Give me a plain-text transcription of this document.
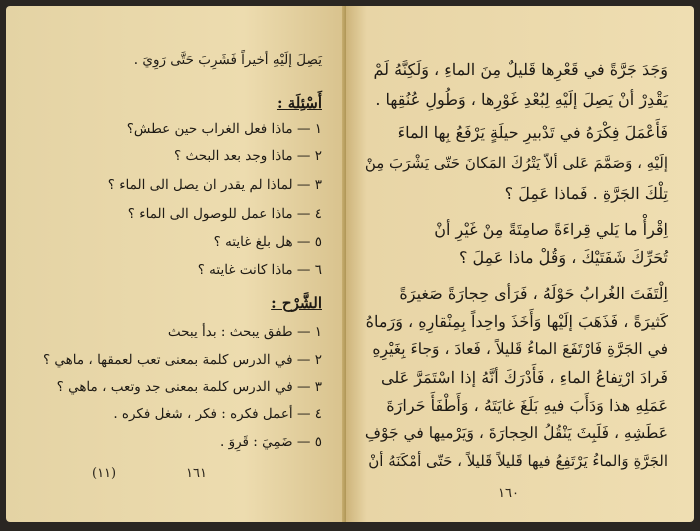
يَصِلَ إلَيْهِ أخيراً فَشَرِبَ حَتَّى رَوِيَ .
أَسْئِلَة :
١ — ماذا فعل الغراب حين عطش؟
٢ — ماذا وجد بعد البحث ؟
٣ — لماذا لم يقدر ان يصل الى الماء ؟
٤ — ماذا عمل للوصول الى الماء ؟
٥ — هل بلغ غايته ؟
٦ — ماذا كانت غايته ؟
الشَّرْح :
١ — طفق يبحث : بدأ يبحث
٢ — في الدرس كلمة بمعنى تعب لعمقها ، ماهي ؟
٣ — في الدرس كلمة بمعنى جد وتعب ، ماهي ؟
٤ — أعمل فكره : فكر ، شغل فكره .
٥ — ضَمِيَ : قَرِوَ .
(١١)	١٦١
وَجَدَ جَرَّةً في قَعْرِها قَليلٌ مِنَ الماءِ ، وَلَكِنَّهُ لَمْ
يَقْدِرْ أنْ يَصِلَ إلَيْهِ لِبُعْدِ غَوْرِها ، وَطُولِ عُنُقِها .
فَأَعْمَلَ فِكْرَهُ في تَدْبيرِ حيلَةٍ يَرْفَعُ بِها الماءَ
إلَيْهِ ، وَصَمَّمَ عَلى ألاّ يَتْرُكَ المَكانَ حَتّى يَشْرَبَ مِنْ
تِلْكَ الجَرَّةِ . فَماذا عَمِلَ ؟
اِقْرأْ ما يَلي قِراءَةً صامِتَةً مِنْ غَيْرِ أنْ
تُحَرِّكَ شَفَتَيْكَ ، وَقُلْ ماذا عَمِلَ ؟
اِلْتَفَتَ الغُرابُ حَوْلَهُ ، فَرَأى حِجارَةً صَغيرَةً
كَثيرَةً ، فَذَهَبَ إلَيْها وَأَخَذَ واحِداً بِمِنْقارِهِ ، وَرَماهُ
في الجَرَّةِ فَارْتَفَعَ الماءُ قَليلاً ، فَعادَ ، وَجاءَ بِغَيْرِهِ
فَرادَ ارْتِفاعُ الماءِ ، فَأَدْرَكَ أنَّهُ إذا اسْتَمَرَّ عَلى
عَمَلِهِ هذا وَدَأَبَ فيهِ بَلَغَ غايَتَهُ ، وَأَطْفَأَ حَرارَةَ
عَطَشِهِ ، فَلَبِثَ يَنْقُلُ الحِجارَةَ ، وَيَرْميها في جَوْفِ
الجَرَّةِ وَالماءُ يَرْتَفِعُ فيها قَليلاً قَليلاً ، حَتّى أمْكَنَهُ أنْ
١٦٠
